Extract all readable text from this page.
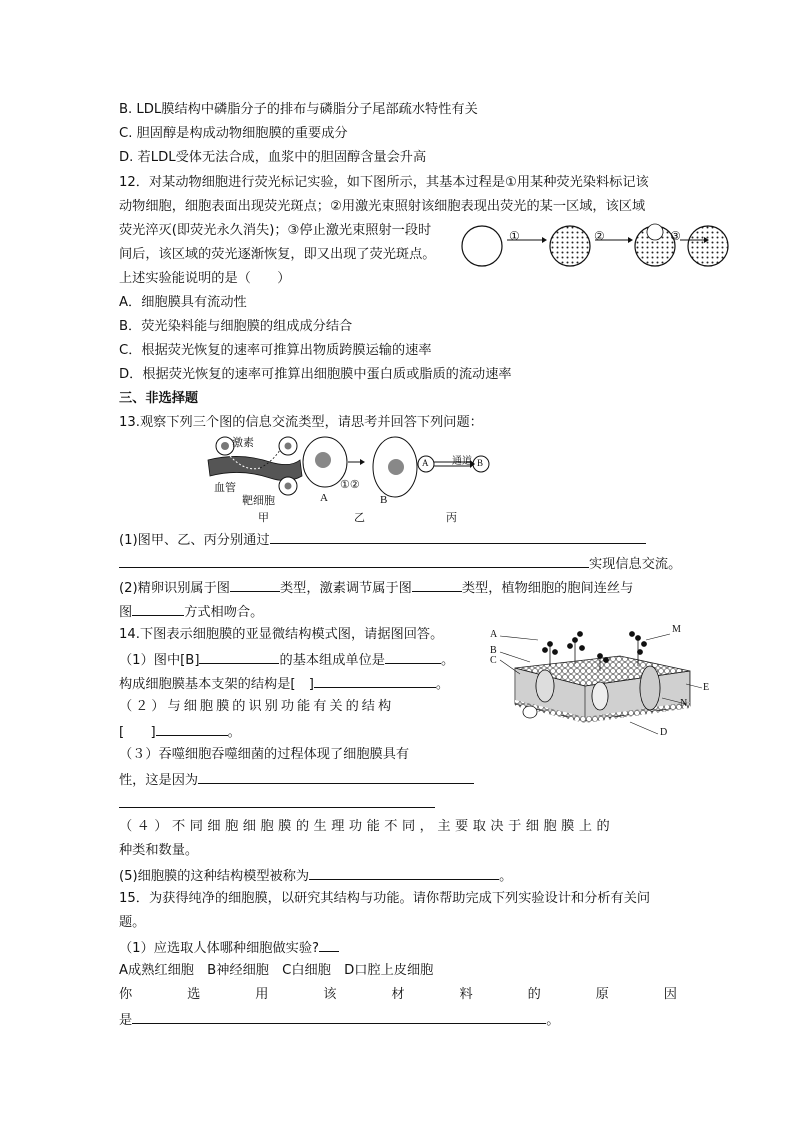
B. LDL膜结构中磷脂分子的排布与磷脂分子尾部疏水特性有关
C. 胆固醇是构成动物细胞膜的重要成分
D. 若LDL受体无法合成，血浆中的胆固醇含量会升高
12．对某动物细胞进行荧光标记实验，如下图所示，其基本过程是①用某种荧光染料标记该
动物细胞，细胞表面出现荧光斑点；②用激光束照射该细胞表现出荧光的某一区域，该区域
荧光淬灭(即荧光永久消失)；③停止激光束照射一段时
间后，该区域的荧光逐渐恢复，即又出现了荧光斑点。
上述实验能说明的是（　　）
①	②	③
A．细胞膜具有流动性
B．荧光染料能与细胞膜的组成成分结合
C．根据荧光恢复的速率可推算出物质跨膜运输的速率
D．根据荧光恢复的速率可推算出细胞膜中蛋白质或脂质的流动速率
三、非选择题
13.观察下列三个图的信息交流类型，请思考并回答下列问题：
激素
血管
靶细胞	A
①②
B
通道
A	B
甲	乙	丙
(1)图甲、乙、丙分别通过
实现信息交流。
(2)精卵识别属于图	类型，激素调节属于图	类型，植物细胞的胞间连丝与
图	方式相吻合。
14.下图表示细胞膜的亚显微结构模式图，请据图回答。
（1）图中[B]	的基本组成单位是	。
构成细胞膜基本支架的结构是[　]	。
（２）与细胞膜的识别功能有关的结构
[　　]	。
（３）吞噬细胞吞噬细菌的过程体现了细胞膜具有
性，这是因为
（４）不同细胞细胞膜的生理功能不同，主要取决于细胞膜上的
种类和数量。
(5)细胞膜的这种结构模型被称为	。
A
B
C
M
E
N
D
15．为获得纯净的细胞膜，以研究其结构与功能。请你帮助完成下列实验设计和分析有关问
题。
（1）应选取人体哪种细胞做实验?
A成熟红细胞　B神经细胞　C白细胞　D口腔上皮细胞
你	选	用	该	材	料	的	原	因
是	。
